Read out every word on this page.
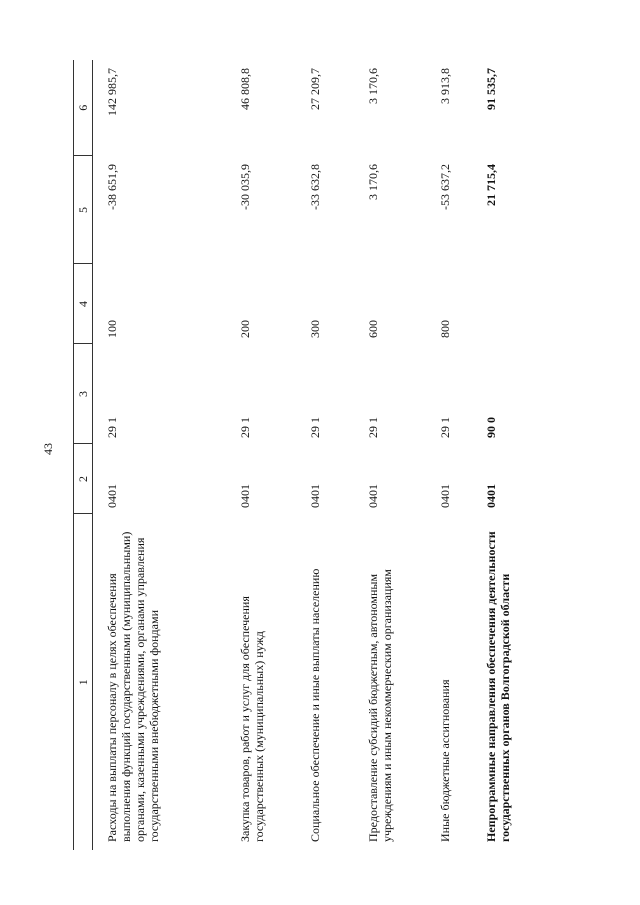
43
1	2	3	4	5	6
Расходы на выплаты персоналу в целях обеспечения выполнения функций государственными (муниципальными) органами, казенными учреждениями, органами управления государственными внебюджетными фондами	0401	29 1	100	-38 651,9	142 985,7
Закупка товаров, работ и услуг для обеспечения государственных (муниципальных) нужд	0401	29 1	200	-30 035,9	46 808,8
Социальное обеспечение и иные выплаты населению	0401	29 1	300	-33 632,8	27 209,7
Предоставление субсидий бюджетным, автономным учреждениям и иным некоммерческим организациям	0401	29 1	600	3 170,6	3 170,6
Иные бюджетные ассигнования	0401	29 1	800	-53 637,2	3 913,8
Непрограммные направления обеспечения деятельности государственных органов Волгоградской области	0401	90 0		21 715,4	91 535,7
